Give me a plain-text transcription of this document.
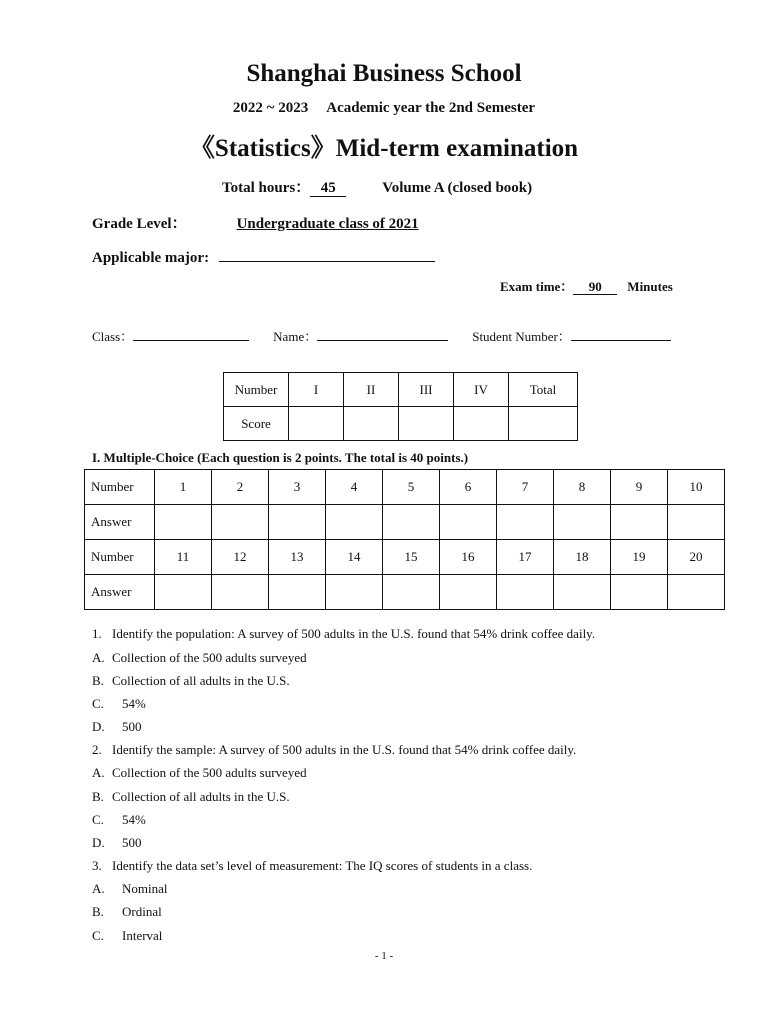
Shanghai Business School
2022 ~ 2023 Academic year the 2nd Semester
《Statistics》Mid-term examination
Total hours： 45	Volume A (closed book)
Grade Level：	Undergraduate class of 2021
Applicable major:
Exam time： 90 Minutes
Class：	Name：	Student Number：
Number	I	II	III	IV	Total
Score					
I. Multiple-Choice (Each question is 2 points. The total is 40 points.)
Number	1	2	3	4	5	6	7	8	9	10
Answer										
Number	11	12	13	14	15	16	17	18	19	20
Answer										
1. Identify the population: A survey of 500 adults in the U.S. found that 54% drink coffee daily.
A. Collection of the 500 adults surveyed
B. Collection of all adults in the U.S.
C. 54%
D. 500
2. Identify the sample: A survey of 500 adults in the U.S. found that 54% drink coffee daily.
A. Collection of the 500 adults surveyed
B. Collection of all adults in the U.S.
C. 54%
D. 500
3. Identify the data set’s level of measurement: The IQ scores of students in a class.
A. Nominal
B. Ordinal
C. Interval
- 1 -
